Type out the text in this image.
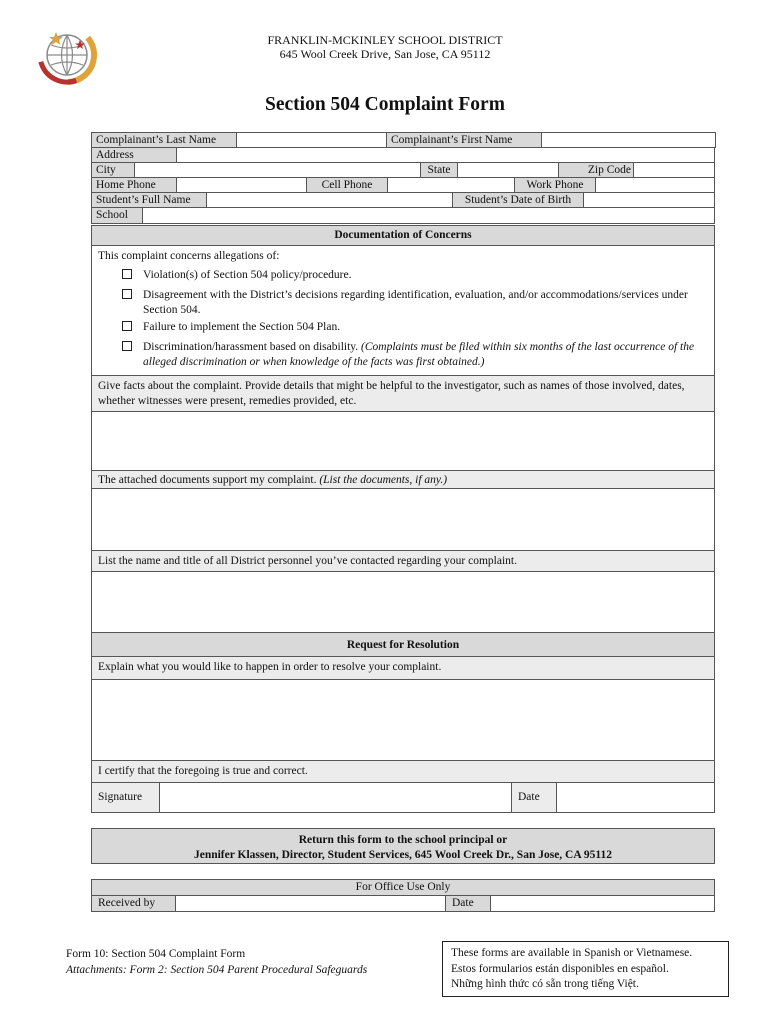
FRANKLIN-MCKINLEY SCHOOL DISTRICT
645 Wool Creek Drive, San Jose, CA 95112
Section 504 Complaint Form
Complainant’s Last Name		Complainant’s First Name	
Address
City	State	Zip Code
Home Phone	Cell Phone	Work Phone
Student’s Full Name	Student’s Date of Birth
School
Documentation of Concerns
This complaint concerns allegations of:
Violation(s) of Section 504 policy/procedure.
Disagreement with the District’s decisions regarding identification, evaluation, and/or accommodations/services under Section 504.
Failure to implement the Section 504 Plan.
Discrimination/harassment based on disability. (Complaints must be filed within six months of the last occurrence of the alleged discrimination or when knowledge of the facts was first obtained.)
Give facts about the complaint. Provide details that might be helpful to the investigator, such as names of those involved, dates, whether witnesses were present, remedies provided, etc.
The attached documents support my complaint. (List the documents, if any.)
List the name and title of all District personnel you’ve contacted regarding your complaint.
Request for Resolution
Explain what you would like to happen in order to resolve your complaint.
I certify that the foregoing is true and correct.
Signature	Date
Return this form to the school principal or
Jennifer Klassen, Director, Student Services, 645 Wool Creek Dr., San Jose, CA 95112
For Office Use Only
Received by	Date
Form 10: Section 504 Complaint Form
Attachments: Form 2: Section 504 Parent Procedural Safeguards
These forms are available in Spanish or Vietnamese.
Estos formularios están disponibles en español.
Những hình thức có sẵn trong tiếng Việt.
